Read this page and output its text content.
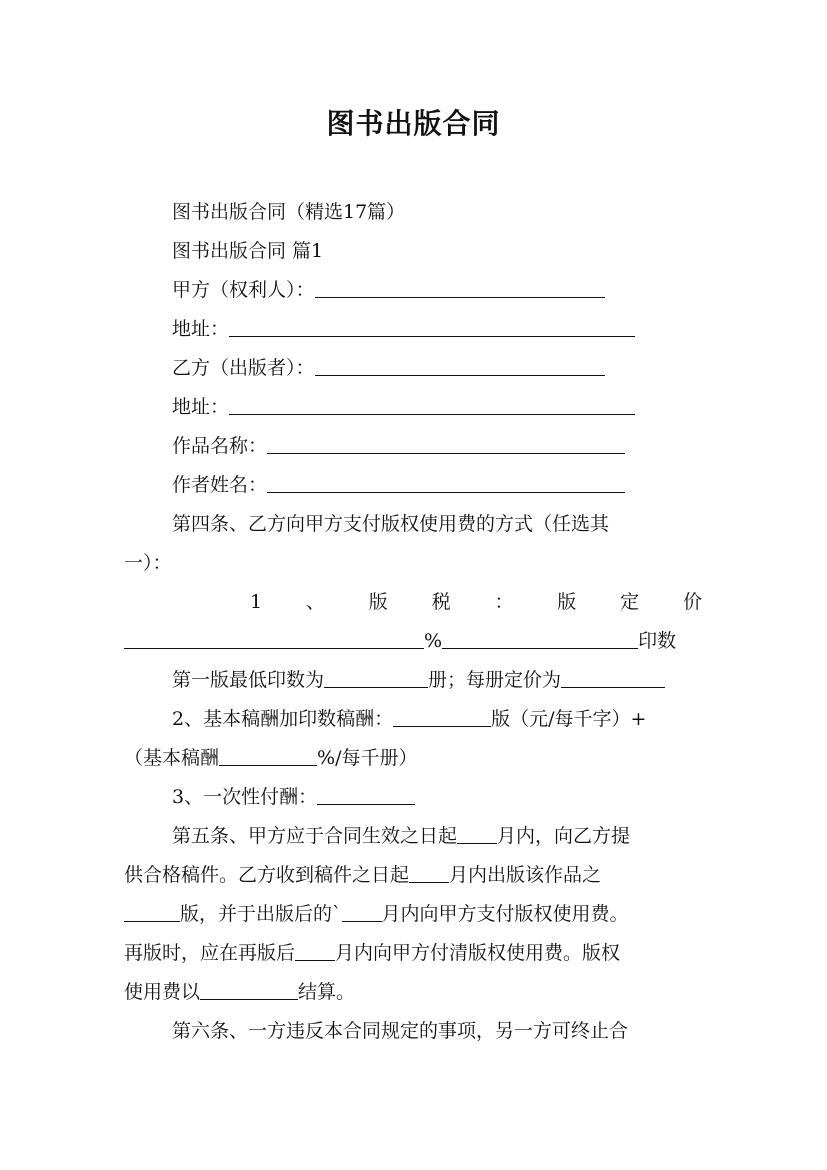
图书出版合同
图书出版合同（精选17篇）
图书出版合同 篇1
甲方（权利人）：
地址：
乙方（出版者）：
地址：
作品名称：
作者姓名：
第四条、乙方向甲方支付版权使用费的方式（任选其
一）：
1 、 版 税 ： 版 定 价
%	印数
第一版最低印数为	册；每册定价为
2、基本稿酬加印数稿酬：	版（元/每千字）+
（基本稿酬	%/每千册）
3、一次性付酬：
第五条、甲方应于合同生效之日起 月内，向乙方提
供合格稿件。乙方收到稿件之日起 月内出版该作品之
版，并于出版后的` 月内向甲方支付版权使用费。
再版时，应在再版后 月内向甲方付清版权使用费。版权
使用费以	结算。
第六条、一方违反本合同规定的事项，另一方可终止合
